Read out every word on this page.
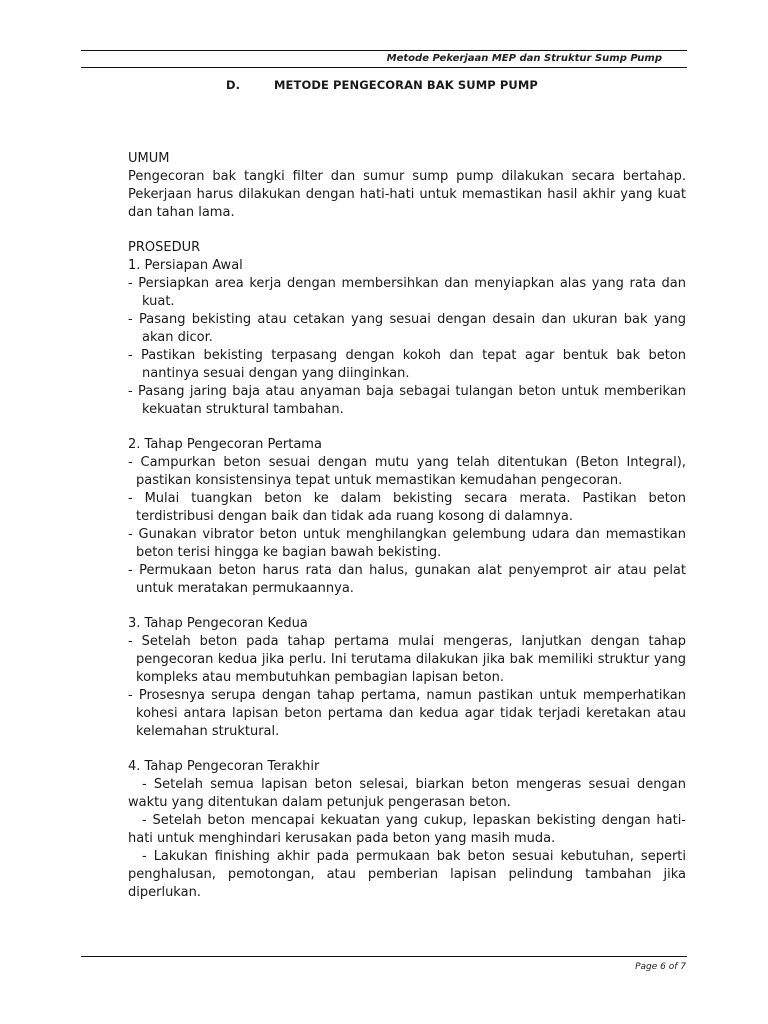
Metode Pekerjaan MEP dan Struktur Sump Pump
D.	METODE PENGECORAN BAK SUMP PUMP

UMUM

Pengecoran bak tangki filter dan sumur sump pump dilakukan secara bertahap. Pekerjaan harus dilakukan dengan hati-hati untuk memastikan hasil akhir yang kuat dan tahan lama.

PROSEDUR

1. Persiapan Awal

- Persiapkan area kerja dengan membersihkan dan menyiapkan alas yang rata dan kuat.

- Pasang bekisting atau cetakan yang sesuai dengan desain dan ukuran bak yang akan dicor.

- Pastikan bekisting terpasang dengan kokoh dan tepat agar bentuk bak beton nantinya sesuai dengan yang diinginkan.

- Pasang jaring baja atau anyaman baja sebagai tulangan beton untuk memberikan kekuatan struktural tambahan.

2. Tahap Pengecoran Pertama

- Campurkan beton sesuai dengan mutu yang telah ditentukan (Beton Integral), pastikan konsistensinya tepat untuk memastikan kemudahan pengecoran.

- Mulai tuangkan beton ke dalam bekisting secara merata. Pastikan beton terdistribusi dengan baik dan tidak ada ruang kosong di dalamnya.

- Gunakan vibrator beton untuk menghilangkan gelembung udara dan memastikan beton terisi hingga ke bagian bawah bekisting.

- Permukaan beton harus rata dan halus, gunakan alat penyemprot air atau pelat untuk meratakan permukaannya.

3. Tahap Pengecoran Kedua

- Setelah beton pada tahap pertama mulai mengeras, lanjutkan dengan tahap pengecoran kedua jika perlu. Ini terutama dilakukan jika bak memiliki struktur yang kompleks atau membutuhkan pembagian lapisan beton.

- Prosesnya serupa dengan tahap pertama, namun pastikan untuk memperhatikan kohesi antara lapisan beton pertama dan kedua agar tidak terjadi keretakan atau kelemahan struktural.

4. Tahap Pengecoran Terakhir

- Setelah semua lapisan beton selesai, biarkan beton mengeras sesuai dengan waktu yang ditentukan dalam petunjuk pengerasan beton.

- Setelah beton mencapai kekuatan yang cukup, lepaskan bekisting dengan hati-hati untuk menghindari kerusakan pada beton yang masih muda.

- Lakukan finishing akhir pada permukaan bak beton sesuai kebutuhan, seperti penghalusan, pemotongan, atau pemberian lapisan pelindung tambahan jika diperlukan.

Page 6 of 7
